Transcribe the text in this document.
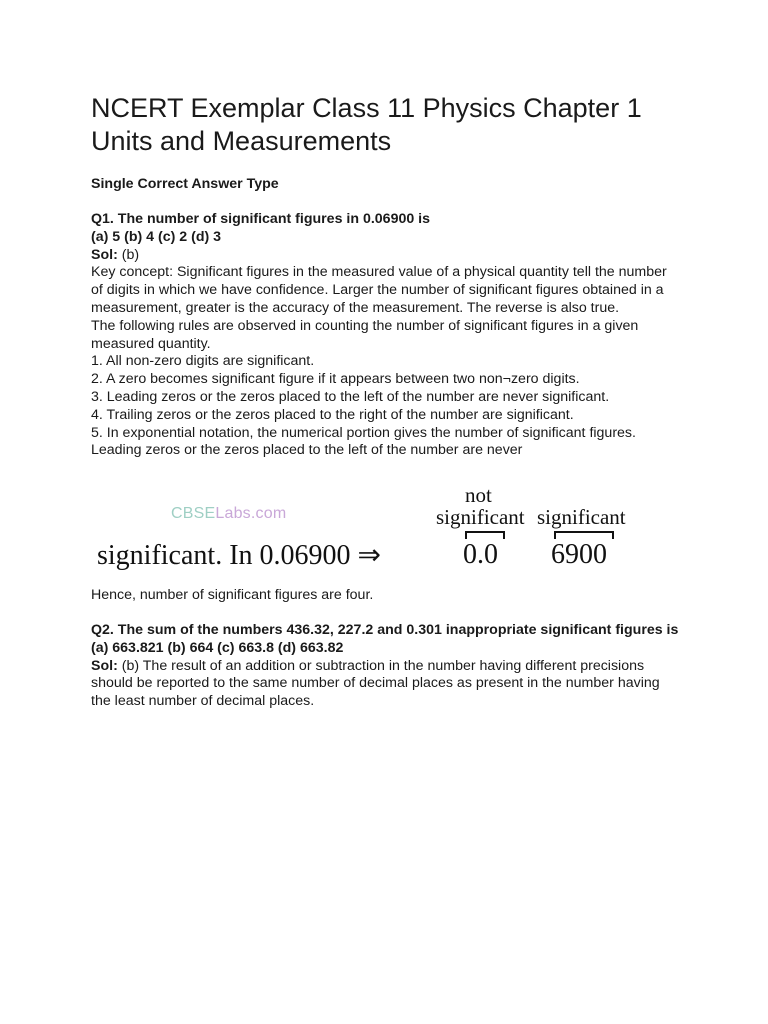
NCERT Exemplar Class 11 Physics Chapter 1 Units and Measurements
Single Correct Answer Type

Q1. The number of significant figures in 0.06900 is

(a) 5 (b) 4 (c) 2 (d) 3

Sol: (b)

Key concept: Significant figures in the measured value of a physical quantity tell the number of digits in which we have confidence. Larger the number of significant figures obtained in a measurement, greater is the accuracy of the measurement. The reverse is also true.

The following rules are observed in counting the number of significant figures in a given measured quantity.

1. All non-zero digits are significant.

2. A zero becomes significant figure if it appears between two non¬zero digits.

3. Leading zeros or the zeros placed to the left of the number are never significant.

4. Trailing zeros or the zeros placed to the right of the number are significant.

5. In exponential notation, the numerical portion gives the number of significant figures.

Leading zeros or the zeros placed to the left of the number are never

CBSELabs.com
significant. In 0.06900 ⇒
not
significant significant
0.0 6900

Hence, number of significant figures are four.

Q2. The sum of the numbers 436.32, 227.2 and 0.301 inappropriate significant figures is

(a) 663.821 (b) 664 (c) 663.8 (d) 663.82

Sol: (b) The result of an addition or subtraction in the number having different precisions should be reported to the same number of decimal places as present in the number having the least number of decimal places.
